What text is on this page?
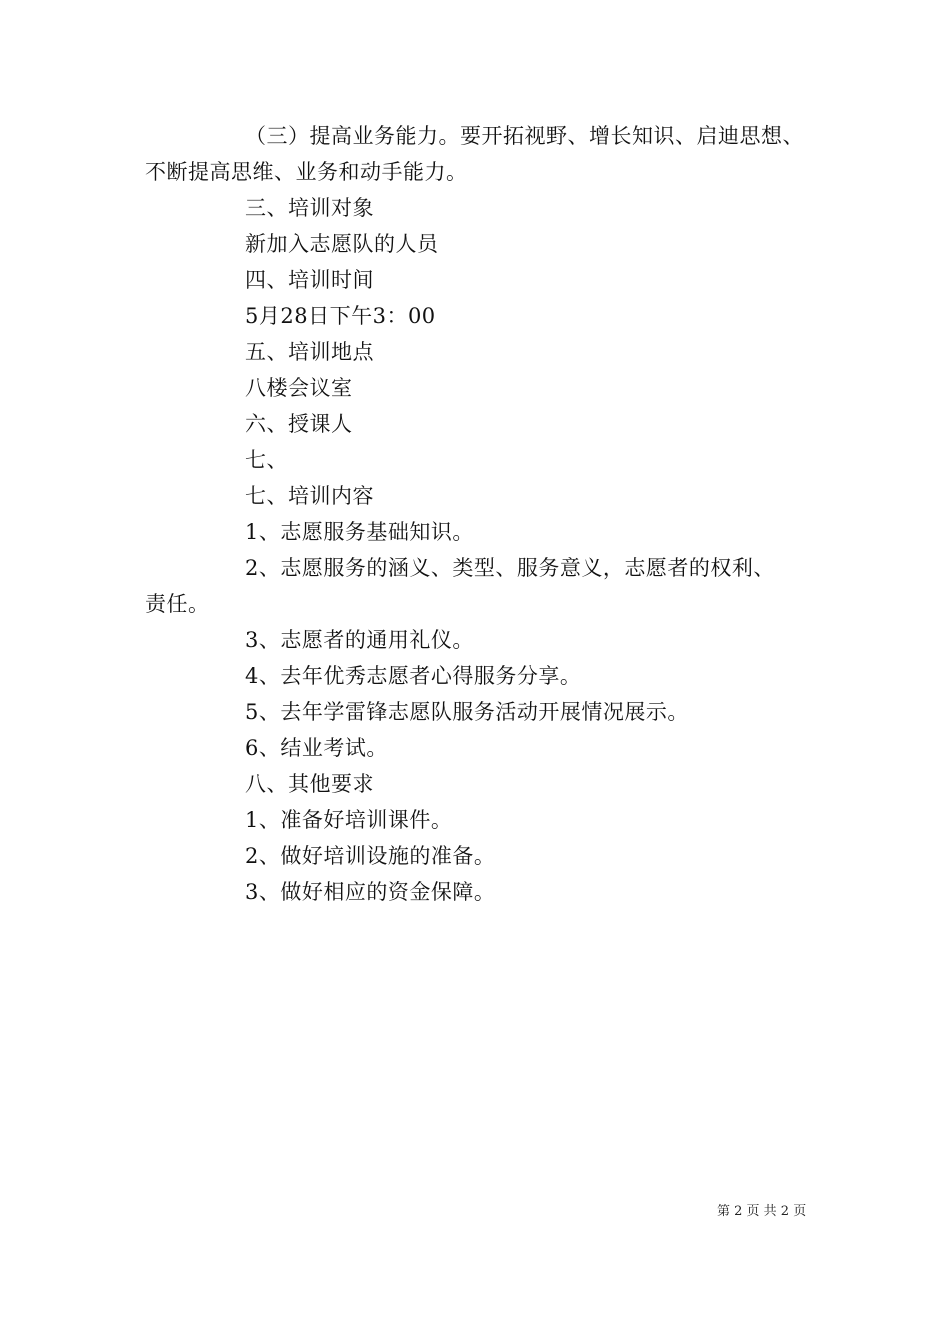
（三）提高业务能力。要开拓视野、增长知识、启迪思想、
不断提高思维、业务和动手能力。
三、培训对象
新加入志愿队的人员
四、培训时间
5月28日下午3：00
五、培训地点
八楼会议室
六、授课人
七、
七、培训内容
1、志愿服务基础知识。
2、志愿服务的涵义、类型、服务意义，志愿者的权利、
责任。
3、志愿者的通用礼仪。
4、去年优秀志愿者心得服务分享。
5、去年学雷锋志愿队服务活动开展情况展示。
6、结业考试。
八、其他要求
1、准备好培训课件。
2、做好培训设施的准备。
3、做好相应的资金保障。
第 2 页 共 2 页
